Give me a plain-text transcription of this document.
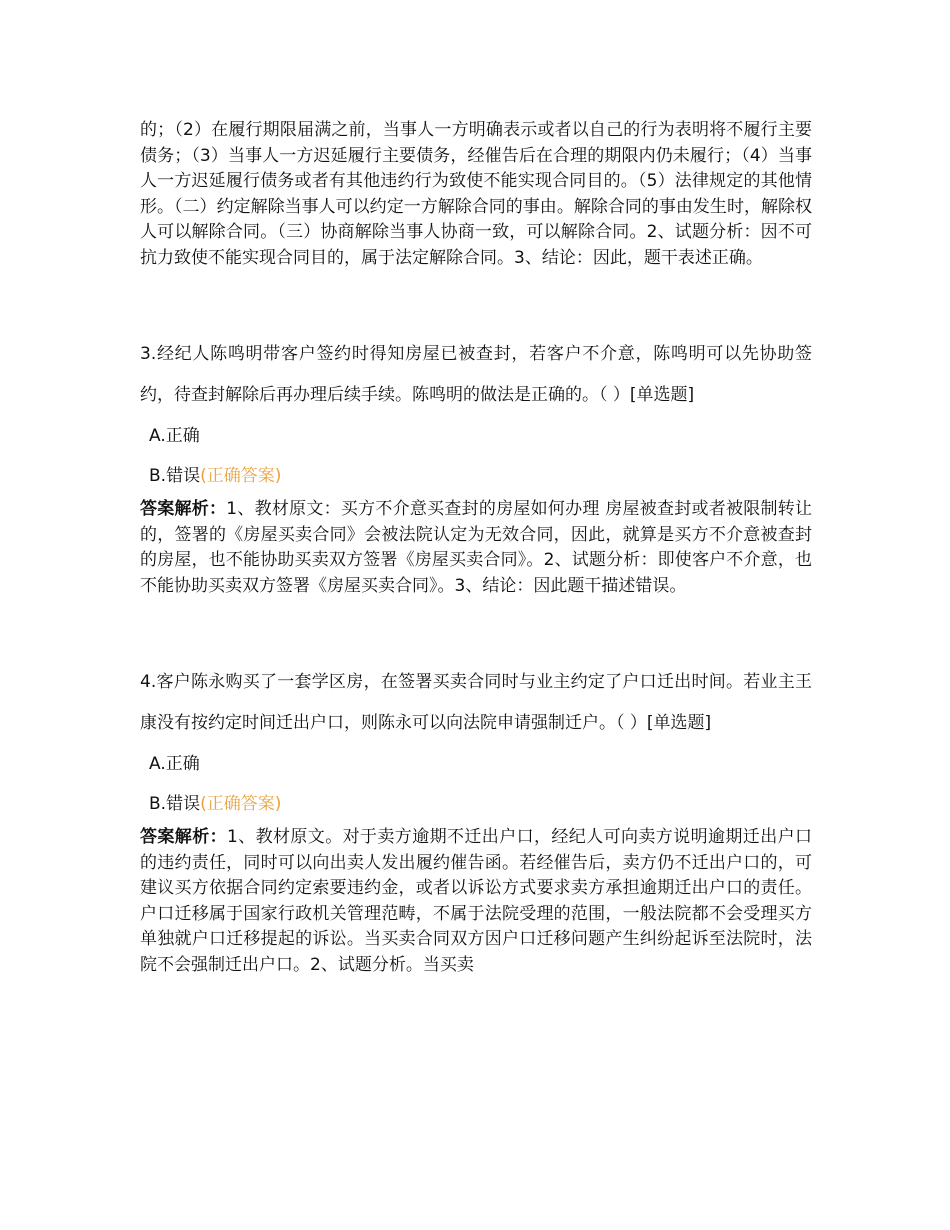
的；（2）在履行期限届满之前，当事人一方明确表示或者以自己的行为表明将不履行主要债务；（3）当事人一方迟延履行主要债务，经催告后在合理的期限内仍未履行；（4）当事人一方迟延履行债务或者有其他违约行为致使不能实现合同目的。（5）法律规定的其他情形。（二）约定解除当事人可以约定一方解除合同的事由。解除合同的事由发生时，解除权人可以解除合同。（三）协商解除当事人协商一致，可以解除合同。2、试题分析：因不可抗力致使不能实现合同目的，属于法定解除合同。3、结论：因此，题干表述正确。

3.经纪人陈鸣明带客户签约时得知房屋已被查封，若客户不介意，陈鸣明可以先协助签约，待查封解除后再办理后续手续。陈鸣明的做法是正确的。（ ）[单选题]

A.正确

B.错误(正确答案)

答案解析：1、教材原文：买方不介意买查封的房屋如何办理 房屋被查封或者被限制转让的，签署的《房屋买卖合同》会被法院认定为无效合同，因此，就算是买方不介意被查封的房屋，也不能协助买卖双方签署《房屋买卖合同》。2、试题分析：即使客户不介意，也不能协助买卖双方签署《房屋买卖合同》。3、结论：因此题干描述错误。

4.客户陈永购买了一套学区房，在签署买卖合同时与业主约定了户口迁出时间。若业主王康没有按约定时间迁出户口，则陈永可以向法院申请强制迁户。（ ）[单选题]

A.正确

B.错误(正确答案)

答案解析：1、教材原文。对于卖方逾期不迁出户口，经纪人可向卖方说明逾期迁出户口的违约责任，同时可以向出卖人发出履约催告函。若经催告后，卖方仍不迁出户口的，可建议买方依据合同约定索要违约金，或者以诉讼方式要求卖方承担逾期迁出户口的责任。户口迁移属于国家行政机关管理范畴，不属于法院受理的范围，一般法院都不会受理买方单独就户口迁移提起的诉讼。当买卖合同双方因户口迁移问题产生纠纷起诉至法院时，法院不会强制迁出户口。2、试题分析。当买卖
